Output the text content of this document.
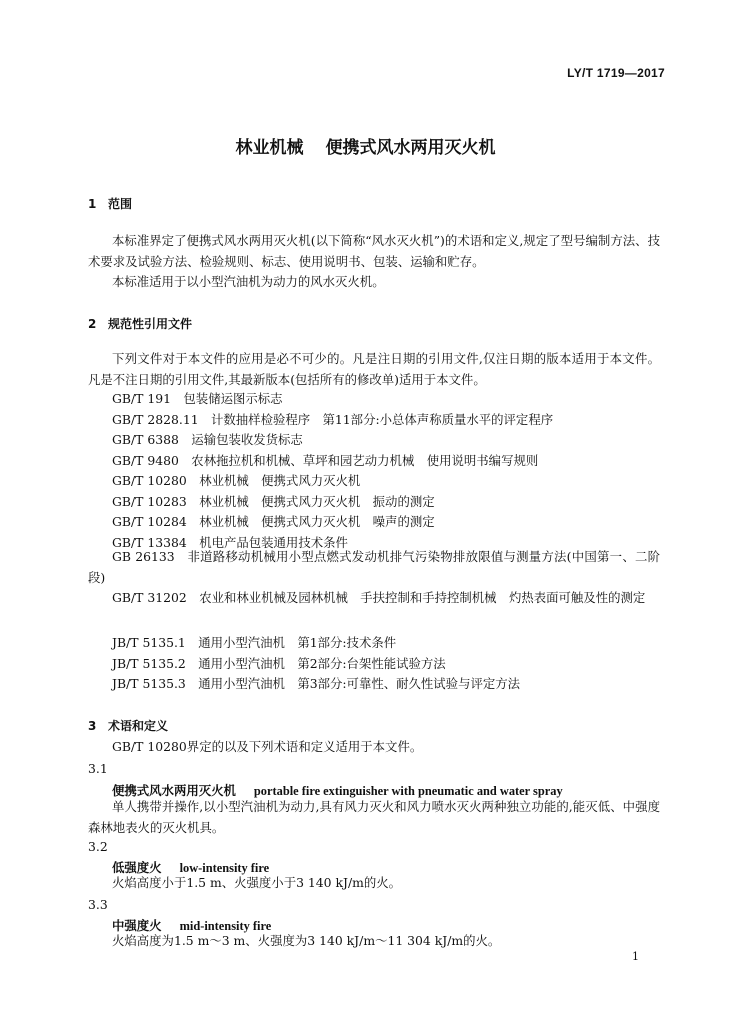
LY/T 1719—2017
林业机械 便携式风水两用灭火机
1 范围
本标准界定了便携式风水两用灭火机(以下简称“风水灭火机”)的术语和定义,规定了型号编制方法、技术要求及试验方法、检验规则、标志、使用说明书、包装、运输和贮存。
本标准适用于以小型汽油机为动力的风水灭火机。
2 规范性引用文件
下列文件对于本文件的应用是必不可少的。凡是注日期的引用文件,仅注日期的版本适用于本文件。凡是不注日期的引用文件,其最新版本(包括所有的修改单)适用于本文件。
GB/T 191　包装储运图示标志
GB/T 2828.11　计数抽样检验程序　第11部分:小总体声称质量水平的评定程序
GB/T 6388　运输包装收发货标志
GB/T 9480　农林拖拉机和机械、草坪和园艺动力机械　使用说明书编写规则
GB/T 10280　林业机械　便携式风力灭火机
GB/T 10283　林业机械　便携式风力灭火机　振动的测定
GB/T 10284　林业机械　便携式风力灭火机　噪声的测定
GB/T 13384　机电产品包装通用技术条件
GB 26133　非道路移动机械用小型点燃式发动机排气污染物排放限值与测量方法(中国第一、二阶段)
GB/T 31202　农业和林业机械及园林机械　手扶控制和手持控制机械　灼热表面可触及性的测定
JB/T 5135.1　通用小型汽油机　第1部分:技术条件
JB/T 5135.2　通用小型汽油机　第2部分:台架性能试验方法
JB/T 5135.3　通用小型汽油机　第3部分:可靠性、耐久性试验与评定方法
3 术语和定义
GB/T 10280界定的以及下列术语和定义适用于本文件。
3.1
便携式风水两用灭火机 portable fire extinguisher with pneumatic and water spray
单人携带并操作,以小型汽油机为动力,具有风力灭火和风力喷水灭火两种独立功能的,能灭低、中强度森林地表火的灭火机具。
3.2
低强度火 low-intensity fire
火焰高度小于1.5 m、火强度小于3 140 kJ/m的火。
3.3
中强度火 mid-intensity fire
火焰高度为1.5 m～3 m、火强度为3 140 kJ/m～11 304 kJ/m的火。
1
